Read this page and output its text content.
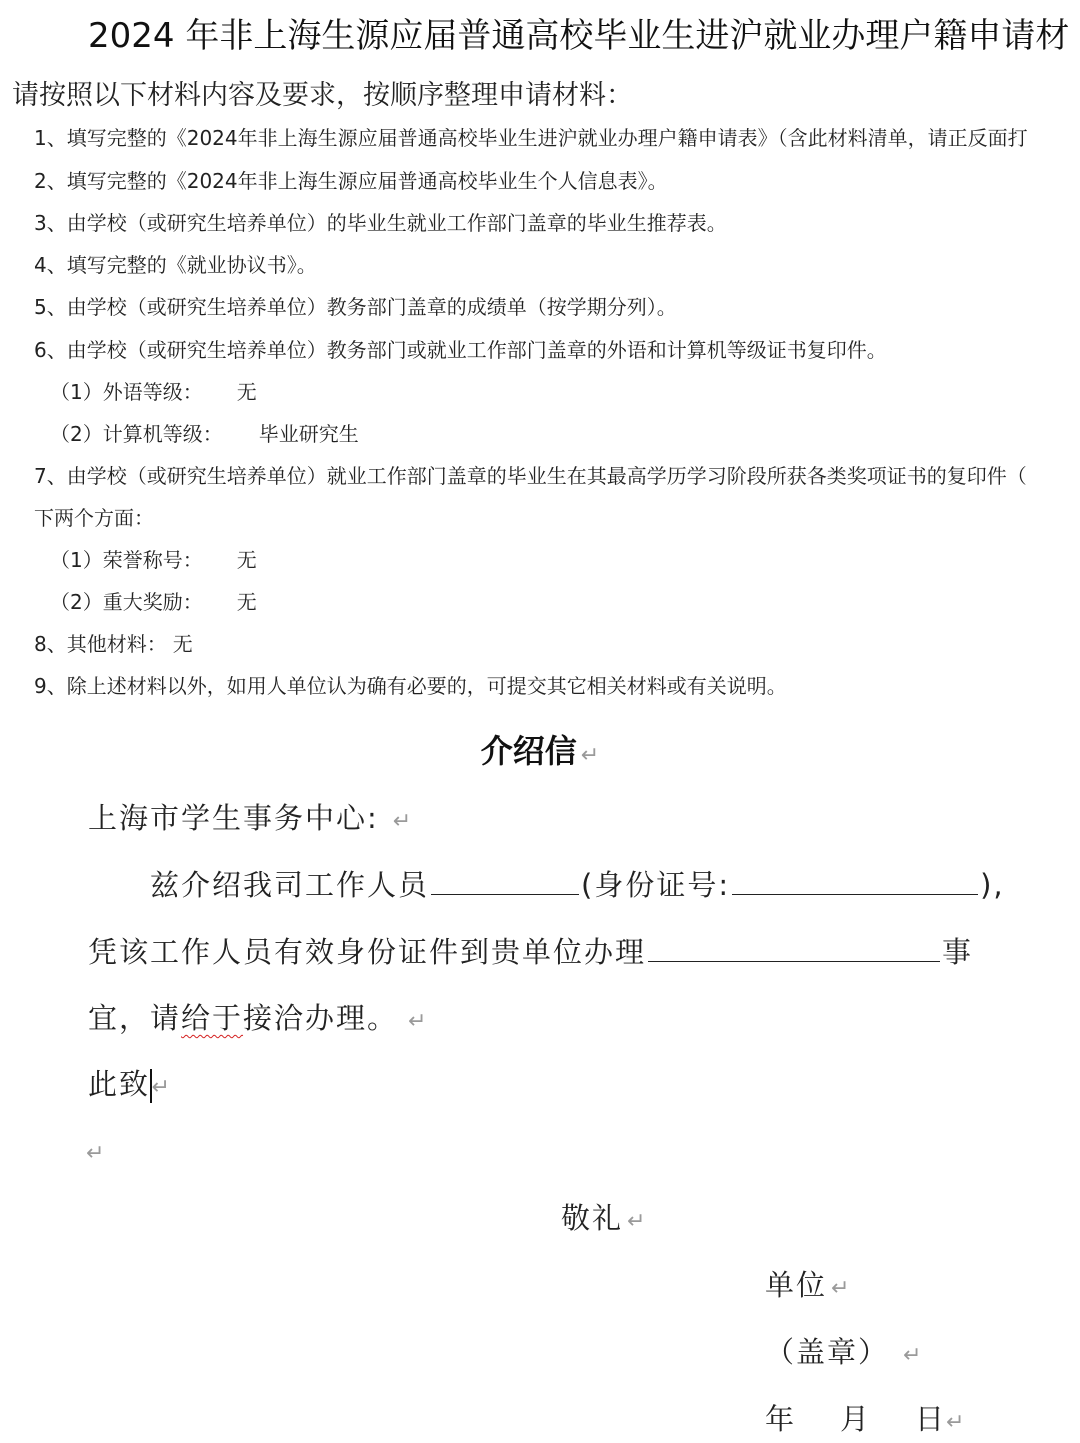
2024 年非上海生源应届普通高校毕业生进沪就业办理户籍申请材
请按照以下材料内容及要求，按顺序整理申请材料：
1、填写完整的《2024年非上海生源应届普通高校毕业生进沪就业办理户籍申请表》（含此材料清单，请正反面打
2、填写完整的《2024年非上海生源应届普通高校毕业生个人信息表》。
3、由学校（或研究生培养单位）的毕业生就业工作部门盖章的毕业生推荐表。
4、填写完整的《就业协议书》。
5、由学校（或研究生培养单位）教务部门盖章的成绩单（按学期分列）。
6、由学校（或研究生培养单位）教务部门或就业工作部门盖章的外语和计算机等级证书复印件。
（1）外语等级： 无
（2）计算机等级： 毕业研究生
7、由学校（或研究生培养单位）就业工作部门盖章的毕业生在其最高学历学习阶段所获各类奖项证书的复印件（
下两个方面：
（1）荣誉称号： 无
（2）重大奖励： 无
8、其他材料： 无
9、除上述材料以外，如用人单位认为确有必要的，可提交其它相关材料或有关说明。
介绍信 ↵
上海市学生事务中心: ↵
兹介绍我司工作人员	(身份证号:	),
凭该工作人员有效身份证件到贵单位办理	事
宜，请给于接洽办理。 ↵
此致↵
↵
敬礼 ↵
单位 ↵
（盖章） ↵
年 月 日↵
